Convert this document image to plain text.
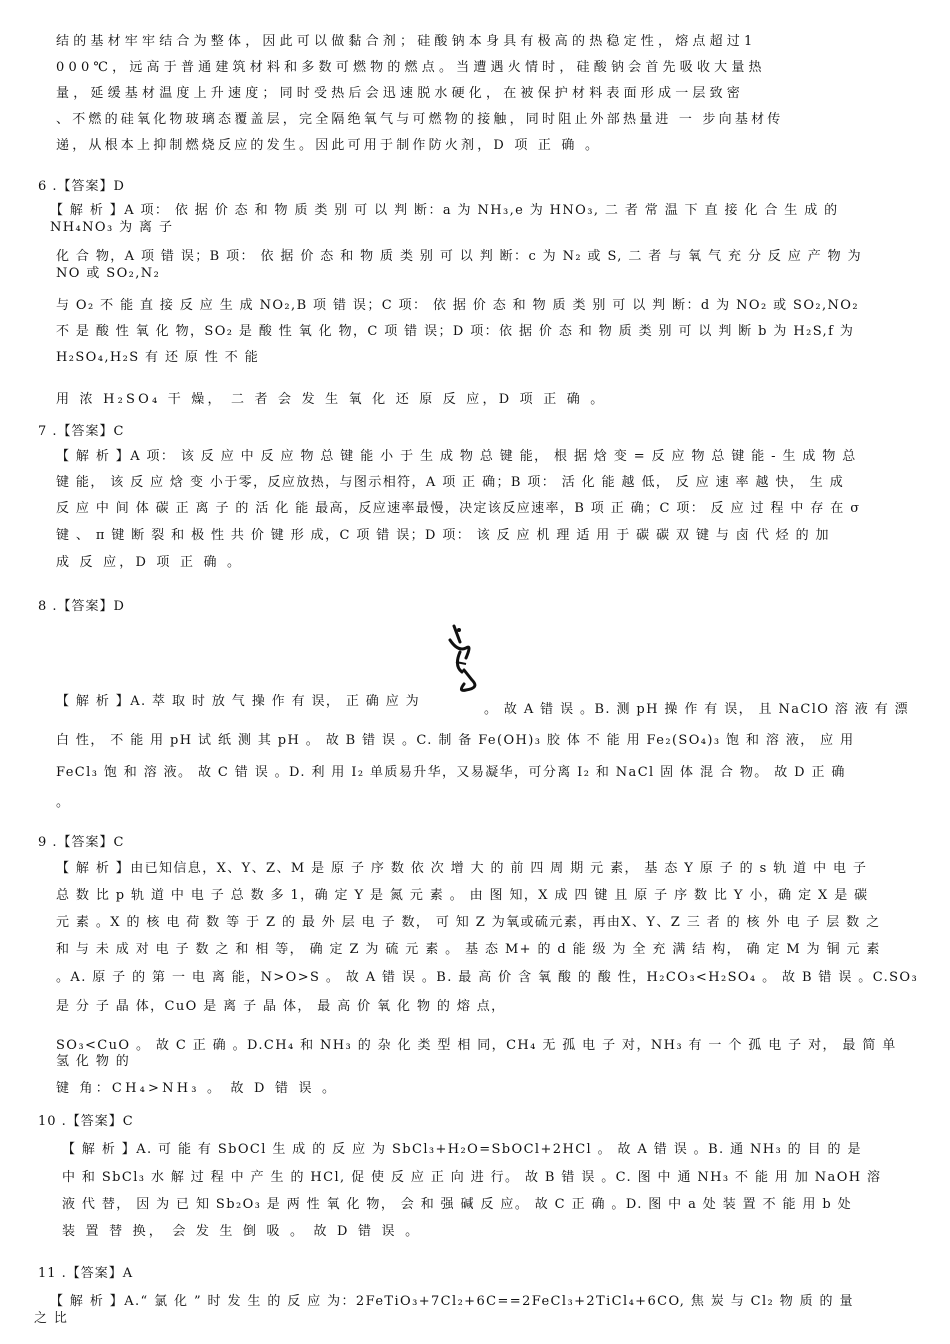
结的基材牢牢结合为整体，因此可以做黏合剂；硅酸钠本身具有极高的热稳定性，熔点超过1
000℃，远高于普通建筑材料和多数可燃物的燃点。当遭遇火情时，硅酸钠会首先吸收大量热
量，延缓基材温度上升速度；同时受热后会迅速脱水硬化，在被保护材料表面形成一层致密
、不燃的硅氧化物玻璃态覆盖层，完全隔绝氧气与可燃物的接触，同时阻止外部热量进 一 步向基材传
递，从根本上抑制燃烧反应的发生。因此可用于制作防火剂，D 项 正 确 。
6 .【答案】D
【 解 析 】A 项： 依 据 价 态 和 物 质 类 别 可 以 判 断：a 为 NH₃,e 为 HNO₃, 二 者 常 温 下 直 接 化 合 生 成 的
NH₄NO₃ 为 离 子
化 合 物，A 项 错 误；B 项： 依 据 价 态 和 物 质 类 别 可 以 判 断：c 为 N₂ 或 S, 二 者 与 氧 气 充 分 反 应 产 物 为
NO 或 SO₂,N₂
与 O₂ 不 能 直 接 反 应 生 成 NO₂,B 项 错 误；C 项： 依 据 价 态 和 物 质 类 别 可 以 判 断：d 为 NO₂ 或 SO₂,NO₂
不 是 酸 性 氧 化 物，SO₂ 是 酸 性 氧 化 物，C 项 错 误；D 项：依 据 价 态 和 物 质 类 别 可 以 判 断 b 为 H₂S,f 为
H₂SO₄,H₂S 有 还 原 性 不 能
用 浓 H₂SO₄ 干 燥， 二 者 会 发 生 氧 化 还 原 反 应，D 项 正 确 。
7 .【答案】C
【 解 析 】A 项： 该 反 应 中 反 应 物 总 键 能 小 于 生 成 物 总 键 能， 根 据 焓 变 = 反 应 物 总 键 能 - 生 成 物 总
键 能， 该 反 应 焓 变 小于零，反应放热，与图示相符，A 项 正 确；B 项： 活 化 能 越 低， 反 应 速 率 越 快， 生 成
反 应 中 间 体 碳 正 离 子 的 活 化 能 最高，反应速率最慢，决定该反应速率，B 项 正 确；C 项： 反 应 过 程 中 存 在 σ
键 、 π 键 断 裂 和 极 性 共 价 键 形 成，C 项 错 误；D 项： 该 反 应 机 理 适 用 于 碳 碳 双 键 与 卤 代 烃 的 加
成 反 应，D 项 正 确 。
8 .【答案】D
【 解 析 】A. 萃 取 时 放 气 操 作 有 误， 正 确 应 为
。 故 A 错 误 。B. 测 pH 操 作 有 误， 且 NaClO 溶 液 有 漂
白 性， 不 能 用 pH 试 纸 测 其 pH 。 故 B 错 误 。C. 制 备 Fe(OH)₃ 胶 体 不 能 用 Fe₂(SO₄)₃ 饱 和 溶 液， 应 用
FeCl₃ 饱 和 溶 液。 故 C 错 误 。D. 利 用 I₂ 单质易升华，又易凝华，可分离 I₂ 和 NaCl 固 体 混 合 物。 故 D 正 确
。
9 .【答案】C
【 解 析 】由已知信息，X、Y、Z、M 是 原 子 序 数 依 次 增 大 的 前 四 周 期 元 素， 基 态 Y 原 子 的 s 轨 道 中 电 子
总 数 比 p 轨 道 中 电 子 总 数 多 1，确 定 Y 是 氮 元 素 。 由 图 知，X 成 四 键 且 原 子 序 数 比 Y 小，确 定 X 是 碳
元 素 。X 的 核 电 荷 数 等 于 Z 的 最 外 层 电 子 数， 可 知 Z 为氧或硫元素，再由X、Y、Z 三 者 的 核 外 电 子 层 数 之
和 与 未 成 对 电 子 数 之 和 相 等， 确 定 Z 为 硫 元 素 。 基 态 M+ 的 d 能 级 为 全 充 满 结 构， 确 定 M 为 铜 元 素
。A. 原 子 的 第 一 电 离 能，N>O>S 。 故 A 错 误 。B. 最 高 价 含 氧 酸 的 酸 性，H₂CO₃<H₂SO₄ 。 故 B 错 误 。C.SO₃
是 分 子 晶 体，CuO 是 离 子 晶 体， 最 高 价 氧 化 物 的 熔 点，
SO₃<CuO 。 故 C 正 确 。D.CH₄ 和 NH₃ 的 杂 化 类 型 相 同，CH₄ 无 孤 电 子 对，NH₃ 有 一 个 孤 电 子 对， 最 简 单
氢 化 物 的
键 角：CH₄>NH₃ 。 故 D 错 误 。
10 .【答案】C
【 解 析 】A. 可 能 有 SbOCl 生 成 的 反 应 为 SbCl₃+H₂O=SbOCl+2HCl 。 故 A 错 误 。B. 通 NH₃ 的 目 的 是
中 和 SbCl₃ 水 解 过 程 中 产 生 的 HCl, 促 使 反 应 正 向 进 行。 故 B 错 误 。C. 图 中 通 NH₃ 不 能 用 加 NaOH 溶
液 代 替， 因 为 已 知 Sb₂O₃ 是 两 性 氧 化 物， 会 和 强 碱 反 应。 故 C 正 确 。D. 图 中 a 处 装 置 不 能 用 b 处
装 置 替 换， 会 发 生 倒 吸 。 故 D 错 误 。
11 .【答案】A
【 解 析 】A.“ 氯 化 ” 时 发 生 的 反 应 为：2FeTiO₃+7Cl₂+6C==2FeCl₃+2TiCl₄+6CO, 焦 炭 与 Cl₂ 物 质 的 量
之 比
